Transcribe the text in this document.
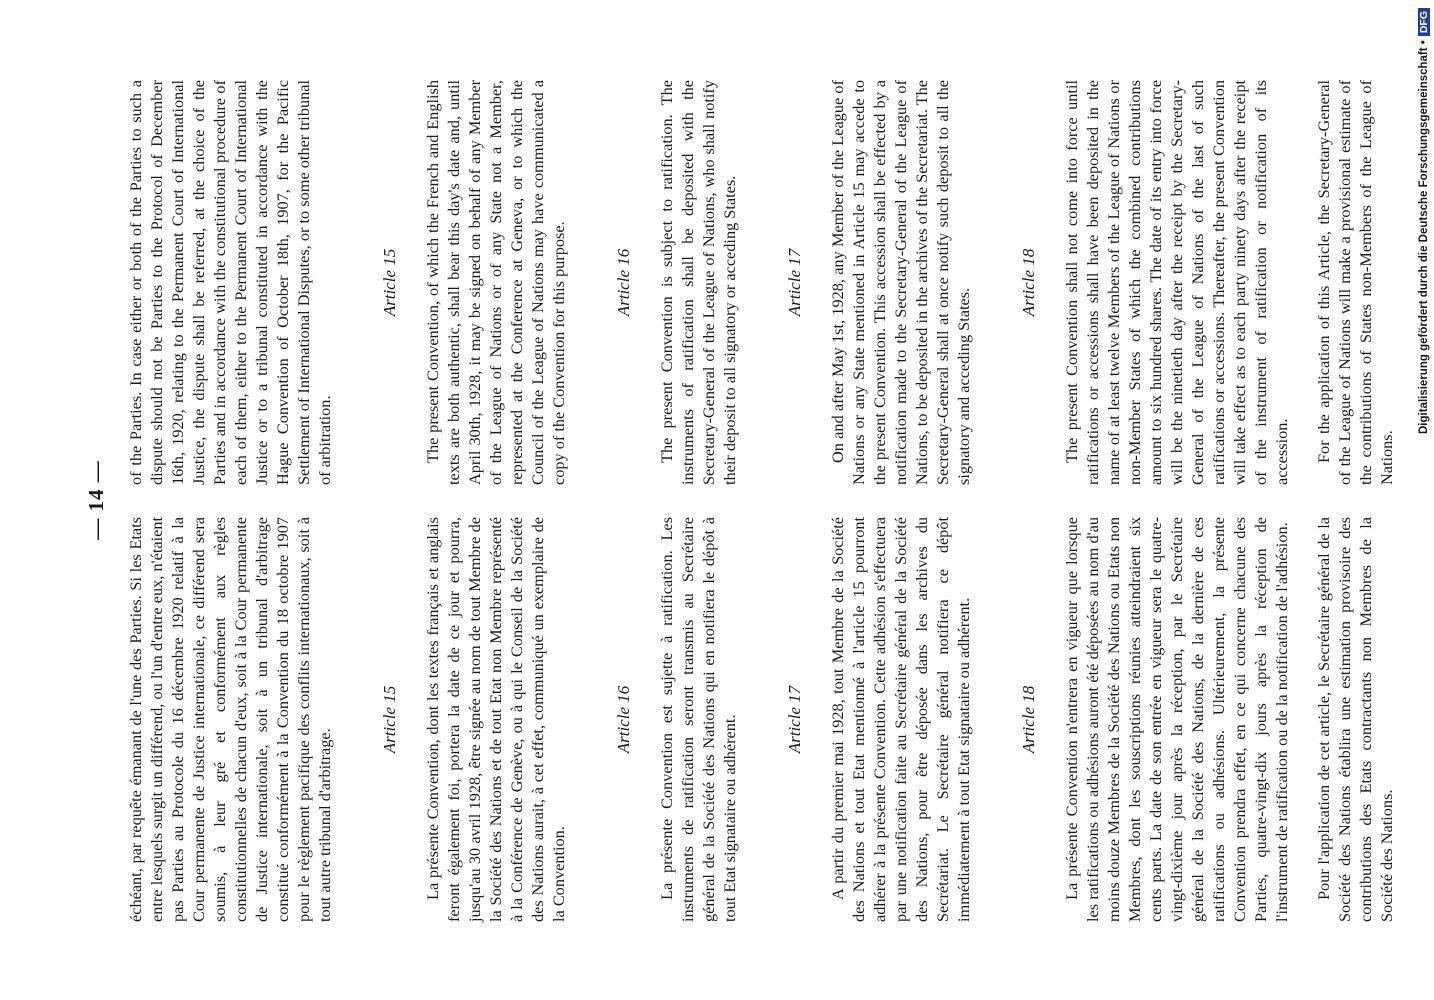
— 14 —

échéant, par requête émanant de l'une des Parties. Si les Etats entre lesquels surgit un différend, ou l'un d'entre eux, n'étaient pas Parties au Protocole du 16 décembre 1920 relatif à la Cour permanente de Justice internationale, ce différend sera soumis, à leur gré et conformément aux règles constitutionnelles de chacun d'eux, soit à la Cour permanente de Justice internationale, soit à un tribunal d'arbitrage constitué conformément à la Convention du 18 octobre 1907 pour le règlement pacifique des conflits internationaux, soit à tout autre tribunal d'arbitrage.

Article 15 La présente Convention, dont les textes français et anglais feront également foi, portera la date de ce jour et pourra, jusqu'au 30 avril 1928, être signée au nom de tout Membre de la Société des Nations et de tout Etat non Membre représenté à la Conférence de Genève, ou à qui le Conseil de la Société des Nations aurait, à cet effet, communiqué un exemplaire de la Convention.

Article 16 La présente Convention est sujette à ratification. Les instruments de ratification seront transmis au Secrétaire général de la Société des Nations qui en notifiera le dépôt à tout Etat signataire ou adhérent.	Article 17 A partir du premier mai 1928, tout Membre de la Société des Nations et tout Etat mentionné à l'article 15 pourront adhérer à la présente Convention. Cette adhésion s'effectuera par une notification faite au Secrétaire général de la Société des Nations, pour être déposée dans les archives du Secrétariat. Le Secrétaire général notifiera ce dépôt immédiatement à tout Etat signataire ou adhérent.	Article 18 La présente Convention n'entrera en vigueur que lorsque les ratifications ou adhésions auront été déposées au nom d'au moins douze Membres de la Société des Nations ou Etats non Membres, dont les souscriptions réunies atteindraient six cents parts. La date de son entrée en vigueur sera le quatre-vingt-dixième jour après la réception, par le Secrétaire général de la Société des Nations, de la dernière de ces ratifications ou adhésions. Ultérieurement, la présente Convention prendra effet, en ce qui concerne chacune des Parties, quatre-vingt-dix jours après la réception de l'instrument de ratification ou de la notification de l'adhésion. Pour l'application de cet article, le Secrétaire général de la Société des Nations établira une estimation provisoire des contributions des Etats contractants non Membres de la Société des Nations.

of the Parties. In case either or both of the Parties to such a dispute should not be Parties to the Protocol of December 16th, 1920, relating to the Permanent Court of International Justice, the dispute shall be referred, at the choice of the Parties and in accordance with the constitutional procedure of each of them, either to the Permanent Court of International Justice or to a tribunal constituted in accordance with the Hague Convention of October 18th, 1907, for the Pacific Settlement of International Disputes, or to some other tribunal of arbitration.

Article 15 The present Convention, of which the French and English texts are both authentic, shall bear this day's date and, until April 30th, 1928, it may be signed on behalf of any Member of the League of Nations or of any State not a Member, represented at the Conference at Geneva, or to which the Council of the League of Nations may have communicated a copy of the Convention for this purpose.	Article 16 The present Convention is subject to ratification. The instruments of ratification shall be deposited with the Secretary-General of the League of Nations, who shall notify their deposit to all signatory or acceding States.	Article 17 On and after May 1st, 1928, any Member of the League of Nations or any State mentioned in Article 15 may accede to the present Convention. This accession shall be effected by a notification made to the Secretary-General of the League of Nations, to be deposited in the archives of the Secretariat. The Secretary-General shall at once notify such deposit to all the signatory and acceding States.

Article 18 The present Convention shall not come into force until ratifications or accessions shall have been deposited in the name of at least twelve Members of the League of Nations or non-Member States of which the combined contributions amount to six hundred shares. The date of its entry into force will be the ninetieth day after the receipt by the Secretary-General of the League of Nations of the last of such ratifications or accessions. Thereafter, the present Convention will take effect as to each party ninety days after the receipt of the instrument of ratification or notification of its accession. For the application of this Article, the Secretary-General of the League of Nations will make a provisional estimate of the contributions of States non-Members of the League of Nations.

Digitalisierung gefördert durch die Deutsche Forschungsgemeinschaft •DFG
